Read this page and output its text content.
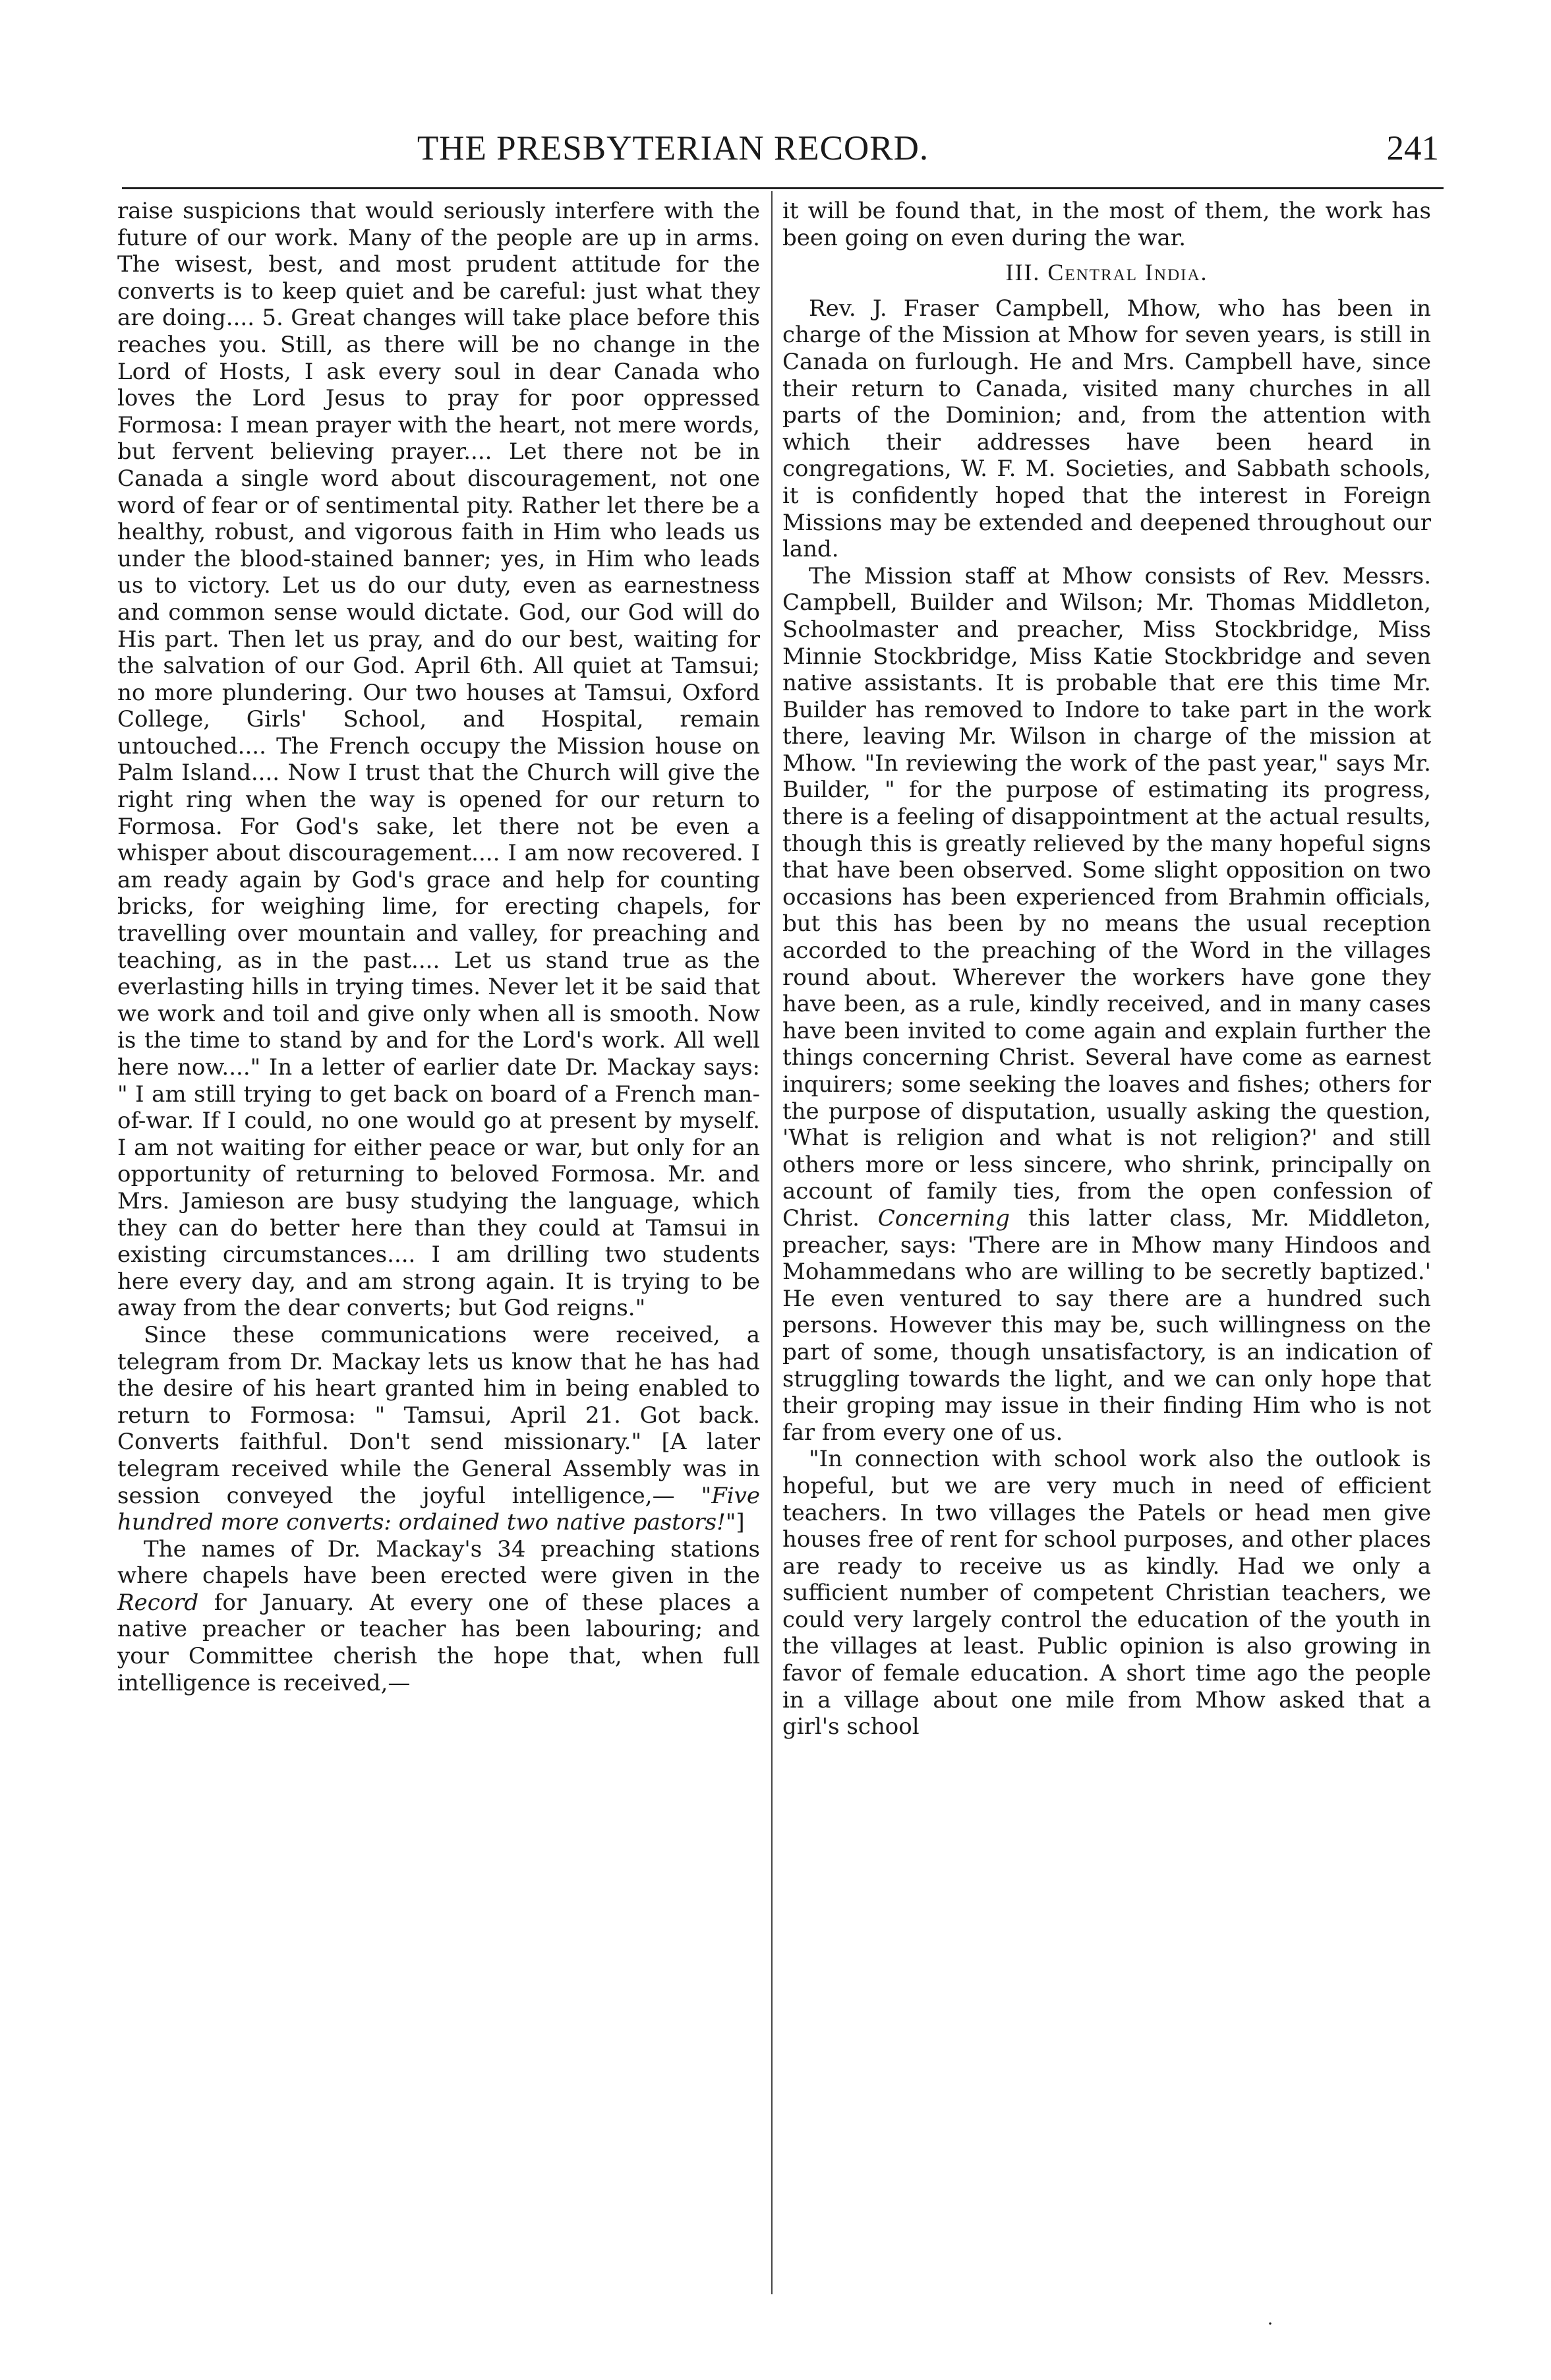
THE PRESBYTERIAN RECORD.	241

raise suspicions that would seriously interfere with the future of our work. Many of the people are up in arms. The wisest, best, and most prudent attitude for the converts is to keep quiet and be careful: just what they are doing.... 5. Great changes will take place before this reaches you. Still, as there will be no change in the Lord of Hosts, I ask every soul in dear Canada who loves the Lord Jesus to pray for poor oppressed Formosa: I mean prayer with the heart, not mere words, but fervent believing prayer.... Let there not be in Canada a single word about discouragement, not one word of fear or of sentimental pity. Rather let there be a healthy, robust, and vigorous faith in Him who leads us under the blood-stained banner; yes, in Him who leads us to victory. Let us do our duty, even as earnestness and common sense would dictate. God, our God will do His part. Then let us pray, and do our best, waiting for the salvation of our God. April 6th. All quiet at Tamsui; no more plundering. Our two houses at Tamsui, Oxford College, Girls' School, and Hospital, remain untouched.... The French occupy the Mission house on Palm Island.... Now I trust that the Church will give the right ring when the way is opened for our return to Formosa. For God's sake, let there not be even a whisper about discouragement.... I am now recovered. I am ready again by God's grace and help for counting bricks, for weighing lime, for erecting chapels, for travelling over mountain and valley, for preaching and teaching, as in the past.... Let us stand true as the everlasting hills in trying times. Never let it be said that we work and toil and give only when all is smooth. Now is the time to stand by and for the Lord's work. All well here now...." In a letter of earlier date Dr. Mackay says: " I am still trying to get back on board of a French man-of-war. If I could, no one would go at present by myself. I am not waiting for either peace or war, but only for an opportunity of returning to beloved Formosa. Mr. and Mrs. Jamieson are busy studying the language, which they can do better here than they could at Tamsui in existing circumstances.... I am drilling two students here every day, and am strong again. It is trying to be away from the dear converts; but God reigns."

Since these communications were received, a telegram from Dr. Mackay lets us know that he has had the desire of his heart granted him in being enabled to return to Formosa: " Tamsui, April 21. Got back. Converts faithful. Don't send missionary." [A later telegram received while the General Assembly was in session conveyed the joyful intelligence,— "Five hundred more converts: ordained two native pastors!"]

The names of Dr. Mackay's 34 preaching stations where chapels have been erected were given in the Record for January. At every one of these places a native preacher or teacher has been labouring; and your Committee cherish the hope that, when full intelligence is received,—

it will be found that, in the most of them, the work has been going on even during the war.

III. Central India.

Rev. J. Fraser Campbell, Mhow, who has been in charge of the Mission at Mhow for seven years, is still in Canada on furlough. He and Mrs. Campbell have, since their return to Canada, visited many churches in all parts of the Dominion; and, from the attention with which their addresses have been heard in congregations, W. F. M. Societies, and Sabbath schools, it is confidently hoped that the interest in Foreign Missions may be extended and deepened throughout our land.

The Mission staff at Mhow consists of Rev. Messrs. Campbell, Builder and Wilson; Mr. Thomas Middleton, Schoolmaster and preacher, Miss Stockbridge, Miss Minnie Stockbridge, Miss Katie Stockbridge and seven native assistants. It is probable that ere this time Mr. Builder has removed to Indore to take part in the work there, leaving Mr. Wilson in charge of the mission at Mhow. "In reviewing the work of the past year," says Mr. Builder, " for the purpose of estimating its progress, there is a feeling of disappointment at the actual results, though this is greatly relieved by the many hopeful signs that have been observed. Some slight opposition on two occasions has been experienced from Brahmin officials, but this has been by no means the usual reception accorded to the preaching of the Word in the villages round about. Wherever the workers have gone they have been, as a rule, kindly received, and in many cases have been invited to come again and explain further the things concerning Christ. Several have come as earnest inquirers; some seeking the loaves and fishes; others for the purpose of disputation, usually asking the question, 'What is religion and what is not religion?' and still others more or less sincere, who shrink, principally on account of family ties, from the open confession of Christ. Concerning this latter class, Mr. Middleton, preacher, says: 'There are in Mhow many Hindoos and Mohammedans who are willing to be secretly baptized.' He even ventured to say there are a hundred such persons. However this may be, such willingness on the part of some, though unsatisfactory, is an indication of struggling towards the light, and we can only hope that their groping may issue in their finding Him who is not far from every one of us.

"In connection with school work also the outlook is hopeful, but we are very much in need of efficient teachers. In two villages the Patels or head men give houses free of rent for school purposes, and other places are ready to receive us as kindly. Had we only a sufficient number of competent Christian teachers, we could very largely control the education of the youth in the villages at least. Public opinion is also growing in favor of female education. A short time ago the people in a village about one mile from Mhow asked that a girl's school

·
